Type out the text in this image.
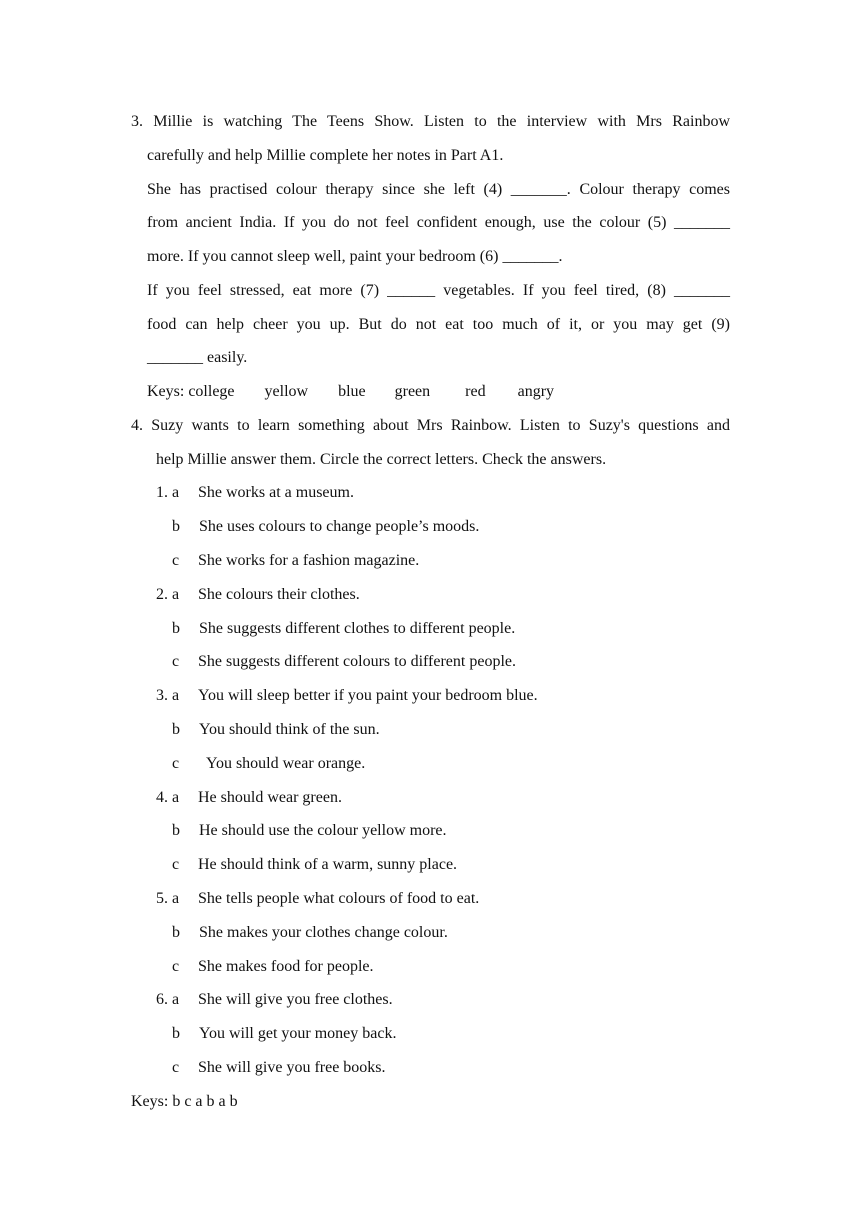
3. Millie is watching The Teens Show. Listen to the interview with Mrs Rainbow
carefully and help Millie complete her notes in Part A1.
She has practised colour therapy since she left (4) _______. Colour therapy comes
from ancient India. If you do not feel confident enough, use the colour (5) _______
more. If you cannot sleep well, paint your bedroom (6) _______.
If you feel stressed, eat more (7) ______ vegetables. If you feel tired, (8) _______
food can help cheer you up. But do not eat too much of it, or you may get (9)
_______ easily.
Keys: college yellow blue green red angry
4. Suzy wants to learn something about Mrs Rainbow. Listen to Suzy's questions and
help Millie answer them. Circle the correct letters. Check the answers.
1. a She works at a museum.
b She uses colours to change people’s moods.
c She works for a fashion magazine.
2. a She colours their clothes.
b She suggests different clothes to different people.
c She suggests different colours to different people.
3. a You will sleep better if you paint your bedroom blue.
b You should think of the sun.
c You should wear orange.
4. a He should wear green.
b He should use the colour yellow more.
c He should think of a warm, sunny place.
5. a She tells people what colours of food to eat.
b She makes your clothes change colour.
c She makes food for people.
6. a She will give you free clothes.
b You will get your money back.
c She will give you free books.
Keys: b c a b a b
